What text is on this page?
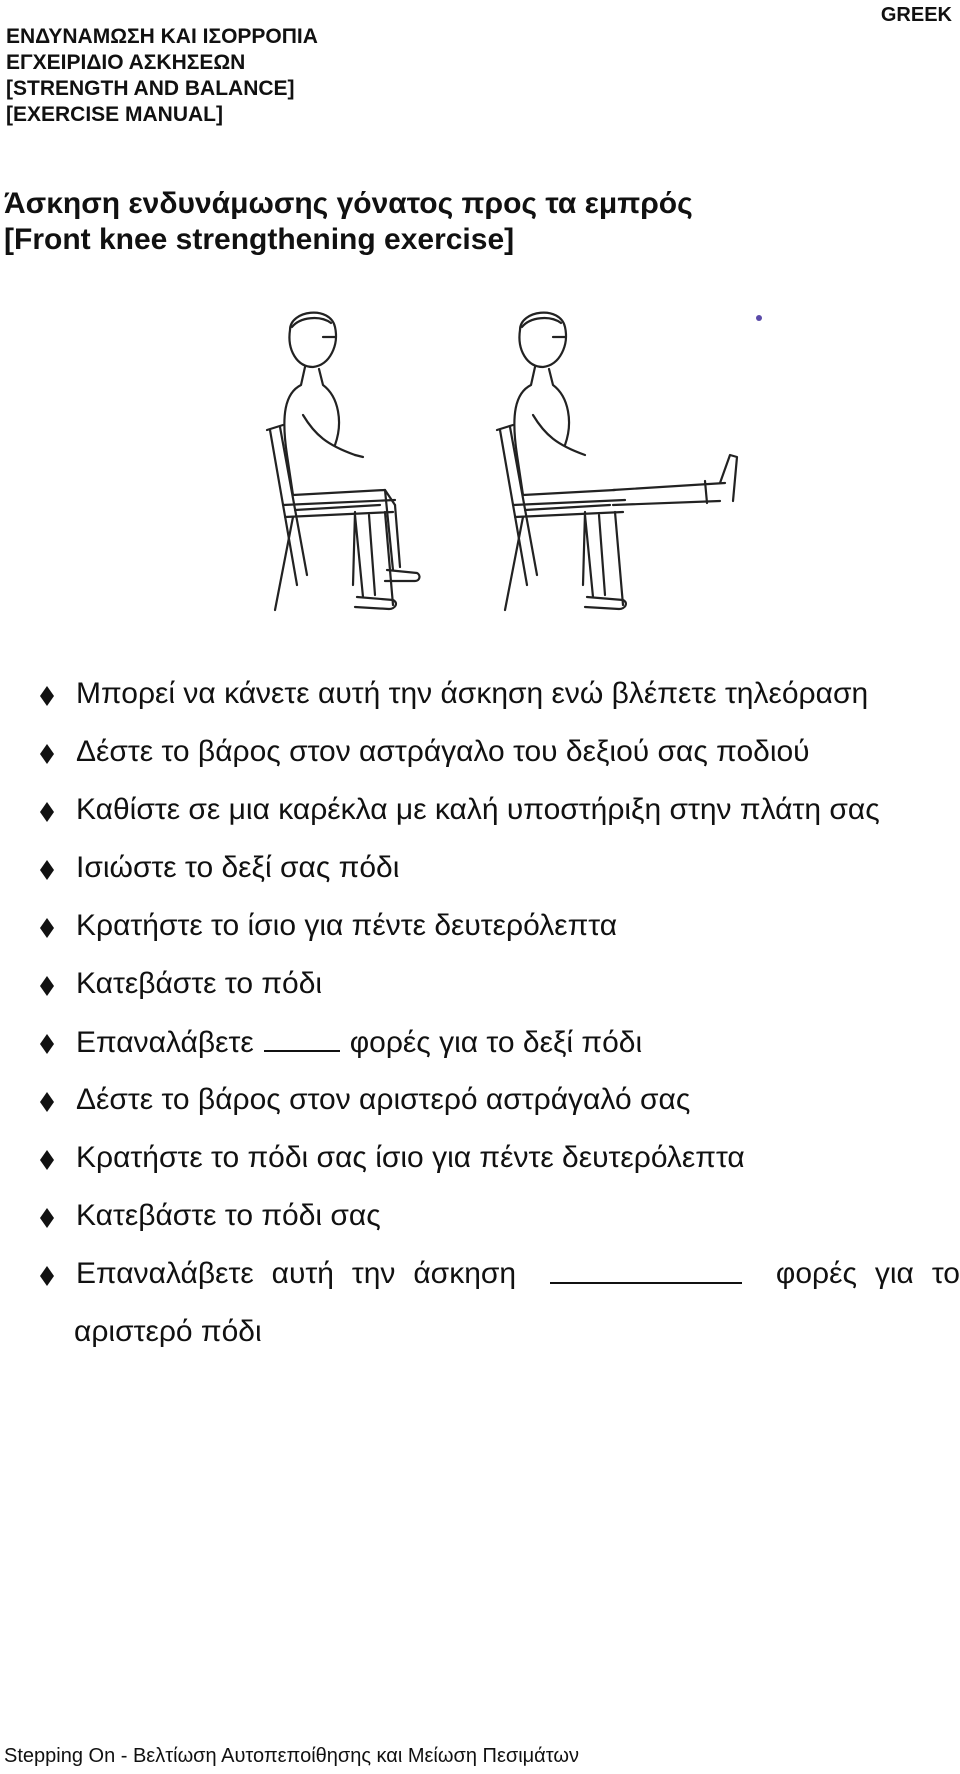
GREEK
ΕΝΔΥΝΑΜΩΣΗ ΚΑΙ ΙΣΟΡΡΟΠΙΑ
ΕΓΧΕΙΡΙΔΙΟ ΑΣΚΗΣΕΩΝ
[STRENGTH AND BALANCE]
[EXERCISE MANUAL]
Άσκηση ενδυνάμωσης γόνατος προς τα εμπρός
[Front knee strengthening exercise]
Μπορεί να κάνετε αυτή την άσκηση ενώ βλέπετε τηλεόραση
Δέστε το βάρος στον αστράγαλο του δεξιού σας ποδιού
Καθίστε σε μια καρέκλα με καλή υποστήριξη στην πλάτη σας
Ισιώστε το δεξί σας πόδι
Κρατήστε το ίσιο για πέντε δευτερόλεπτα
Κατεβάστε το πόδι
Επαναλάβετε	φορές για το δεξί πόδι
Δέστε το βάρος στον αριστερό αστράγαλό σας
Κρατήστε το πόδι σας ίσιο για πέντε δευτερόλεπτα
Κατεβάστε το πόδι σας
Επαναλάβετε αυτή την άσκηση	φορές για το
αριστερό πόδι
Stepping On - Βελτίωση Αυτοπεποίθησης και Μείωση Πεσιμάτων
